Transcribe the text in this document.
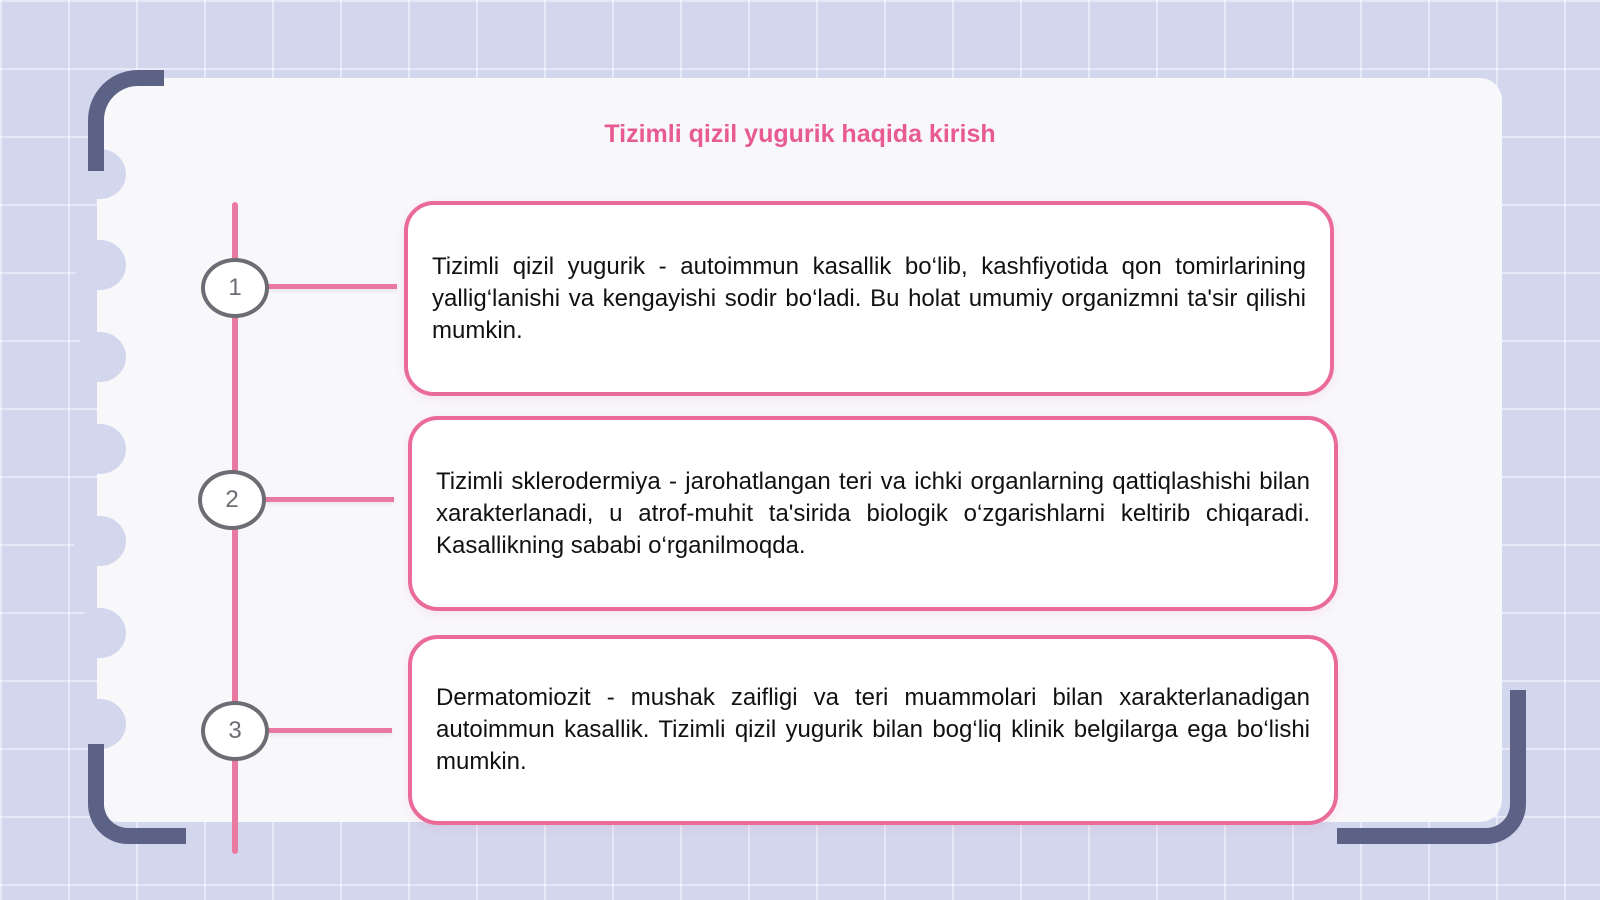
Tizimli qizil yugurik haqida kirish
1
2
3

Tizimli qizil yugurik - autoimmun kasallik bo‘lib, kashfiyotida qon tomirlarining yallig‘lanishi va kengayishi sodir bo‘ladi. Bu holat umumiy organizmni ta'sir qilishi mumkin.

Tizimli sklerodermiya - jarohatlangan teri va ichki organlarning qattiqlashishi bilan xarakterlanadi, u atrof-muhit ta'sirida biologik o‘zgarishlarni keltirib chiqaradi. Kasallikning sababi o‘rganilmoqda.

Dermatomiozit - mushak zaifligi va teri muammolari bilan xarakterlanadigan autoimmun kasallik. Tizimli qizil yugurik bilan bog‘liq klinik belgilarga ega bo‘lishi mumkin.
